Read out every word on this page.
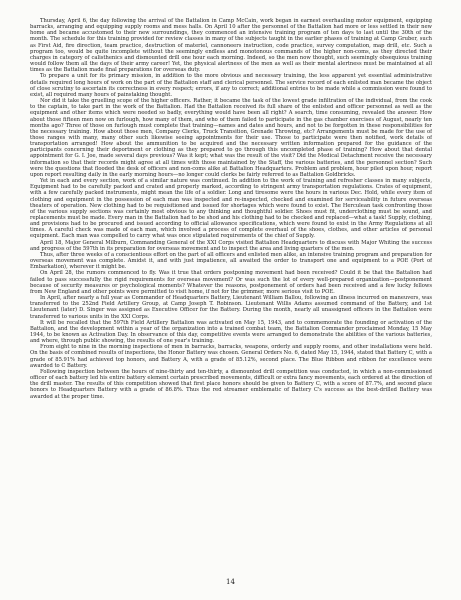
Thursday, April 6, the day following the arrival of the Battalion in Camp McCain, work began in earnest overhauling motor equipment, equipping barracks, arranging and equipping supply rooms and mess halls. On April 10 after the personnel of the Battalion had more or less settled in their new home and became accustomed to their new surroundings, they commenced an intensive training program of ten days to last until the 30th of the month. The schedule for this training provided for review classes in many of the subjects taught in the earlier phases of training at Camp Gruber, such as First Aid, fire direction, team practice, destruction of materiel, cannoneers instruction, code practice, survey computation, map drill, etc. Such a program too, would be quite incomplete without the seemingly endless and monotonous commands of the higher non-coms, as they directed their charges in category of calisthenics and dismounted drill one hour each morning. Indeed, so the men now thought, such seemingly obsequious training would follow them all the days of their army career! Yet, the physical alertness of the men as well as their mental alertness must be maintained at all times as the Battalion made final preparations for overseas duty.

To prepare a unit for its primary mission, in addition to the more obvious and necessary training, the less apparent yet essential administrative details required long hours of work on the part of the Battalion staff and clerical personnel. The service record of each enlisted man became the object of close scrutiny to ascertain its correctness in every respect; errors, if any to correct; additional entries to be made while a commission were found to exist, all required many hours of painstaking thought.

Nor did it take the gruelling scope of the higher officers. Rather, it became the task of the lowest grade infiltration of the individual, from the cook to the captain, to take part in the work of the Battalion. Had the Battalion received its full share of the enlisted and officer personnel as well as the equipment and other items which were needed so badly, everything would have been all right? A search, time consuming, revealed the answer. How about those fifteen men now on furlough, how many of them, and who of them failed to participate in the gas chamber exercises of August, nearly ten months ago? Three of those on furlough must complete that training—names and dates and hours, and not to be forgotten in these responsibilities for the necessary training. How about those men, Company Clerks, Truck Transition, Grenade Throwing, etc? Arrangements must be made for the use of those ranges with many, many other such likewise seeing appointments for their use. Those to participate were then notified, work details of transportation arranged! How about the ammunition to be acquired and the necessary written information prepared for the guidance of the participants concerning their deportment or clothing as they prepared to go through this uncompleted phase of training? How about that dental appointment for G. I. Joe, made several days previous? Was it kept; what was the result of the visit? Did the Medical Detachment receive the necessary information so that their records might agree at all times with those maintained by the Staff, the various batteries, and the personnel section? Such were the questions that flooded the desk of officers and non-coms alike at Battalion Headquarters. Problem and problem, hour piled upon hour, report upon report resulting daily in the early morning hours—no longer could clerks be fairly referred to as Battalion Goldbricks.

Yet in each and every section, work of a similar nature was continued. In addition to the work of training and refresher classes in many subjects, Equipment had to be carefully packed and crated and properly marked, according to stringent army transportation regulations. Crates of equipment, with a few carefully packed instruments, might mean the life of a soldier. Long and tiresome were the hours in various Dec. Hold, while every item of clothing and equipment in the possession of each man was inspected and re-inspected, checked and examined for serviceability in future overseas theaters of operation. New clothing had to be requisitioned and issued for shortages which were found to exist. The Herculean task confronting those of the various supply sections was certainly most obvious to any thinking and thoughtful soldier. Shoes must fit, underclothing must be sound, and replacements must be made. Every man in the Battalion had to be shod and his clothing had to be checked and replaced—what a task! Supply, clothing, and provisions had to be procured and issued according to official allowance specifications, which were found to exist in the Army Regulations at all times. A careful check was made of each man, which involved a process of complete overhaul of the shoes, clothes, and other articles of personal equipment. Each man was compelled to carry what was once stipulated requirements of the chief of Supply.

April 18, Major General Milburn, Commanding General of the XXI Corps visited Battalion Headquarters to discuss with Major Whiting the success and progress of the 597th in its preparation for overseas movement and to inspect the area and living quarters of the men.

Thus, after three weeks of a conscientious effort on the part of all officers and enlisted men alike, an intensive training program and preparation for overseas movement was complete. Amidst it, and with just impatience, all awaited the order to transport one and equipment to a POE (Port of Embarkation), wherever it might be.

On April 28, the rumors commenced to fly. Was it true that orders postponing movement had been received? Could it be that the Battalion had failed to pass successfully the rigid requirements for overseas movement? Or was such the lot of every well-prepared organization—postponement because of security measures or psychological moments? Whatever the reasons, postponement of orders had been received and a few lucky fellows from New England and other points were permitted to visit home, if not for the grimmer, more serious visit to POE.

In April, after nearly a full year as Commander of Headquarters Battery, Lieutenant William Ballou, following an illness incurred on maneuvers, was transferred to the 252nd Field Artillery Group, at Camp Joseph T. Robinson. Lieutenant Willis Adams assumed command of the Battery, and 1st Lieutenant (later) D. Singer was assigned as Executive Officer for the Battery. During the month, nearly all unassigned officers in the Battalion were transferred to various units in the XXI Corps.

It will be recalled that the 597th Field Artillery Battalion was activated on May 15, 1943, and to commemorate the founding or activation of the Battalion, and the development within a year of the organization into a trained combat team, the Battalion Commander proclaimed Monday, 15 May 1944, to be known as Activation Day. In observance of this day, competitive events were arranged to demonstrate the abilities of the various batteries, and where, through public showing, the results of one year's training.

From eight to nine in the morning inspections of men in barracks, barracks, weapons, orderly and supply rooms, and other installations were held. On the basis of combined results of inspections, the Honor Battery was chosen. General Orders No. 6, dated May 15, 1944, stated that Battery C, with a grade of 85.91% had achieved top honors, and Battery A, with a grade of 85.12%, second place. The Blue Ribbon and ribbon for excellence were awarded to C Battery.

Following inspection between the hours of nine-thirty and ten-thirty, a dismounted drill competition was conducted, in which a non-commissioned officer of each battery led his entire battery element certain prescribed movements, difficult or extra fancy movements, each ordered at the direction of the drill master. The results of this competition showed that first place honors should be given to Battery C, with a score of 87.7%, and second place honors to Headquarters Battery with a grade of 86.8%. Thus the red streamer emblematic of Battery C's success as the best-drilled Battery was awarded at the proper time.

14
